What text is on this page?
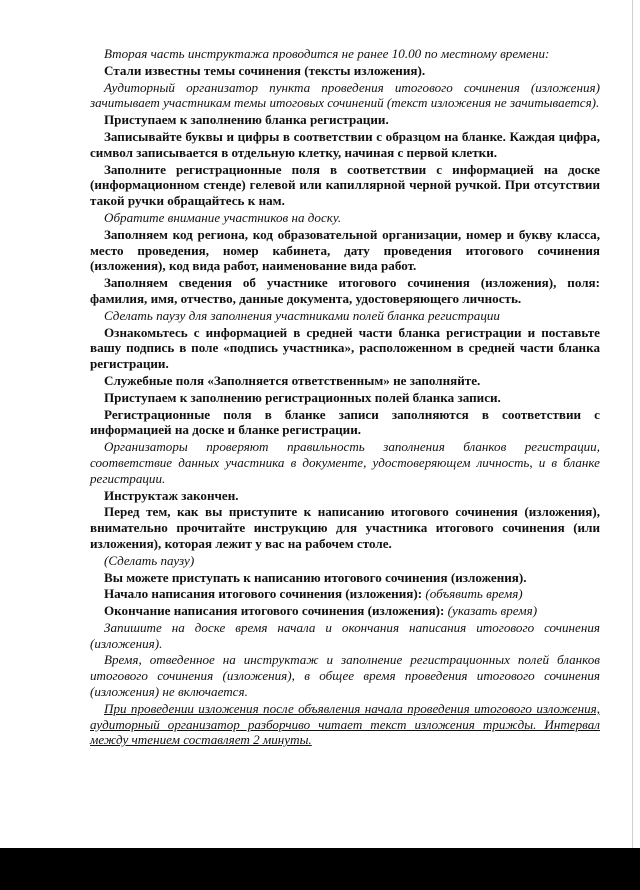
Вторая часть инструктажа проводится не ранее 10.00 по местному времени:

Стали известны темы сочинения (тексты изложения).

Аудиторный организатор пункта проведения итогового сочинения (изложения) зачитывает участникам темы итоговых сочинений (текст изложения не зачитывается).

Приступаем к заполнению бланка регистрации.

Записывайте буквы и цифры в соответствии с образцом на бланке. Каждая цифра, символ записывается в отдельную клетку, начиная с первой клетки.

Заполните регистрационные поля в соответствии с информацией на доске (информационном стенде) гелевой или капиллярной черной ручкой. При отсутствии такой ручки обращайтесь к нам.

Обратите внимание участников на доску.

Заполняем код региона, код образовательной организации, номер и букву класса, место проведения, номер кабинета, дату проведения итогового сочинения (изложения), код вида работ, наименование вида работ.

Заполняем сведения об участнике итогового сочинения (изложения), поля: фамилия, имя, отчество, данные документа, удостоверяющего личность.

Сделать паузу для заполнения участниками полей бланка регистрации

Ознакомьтесь с информацией в средней части бланка регистрации и поставьте вашу подпись в поле «подпись участника», расположенном в средней части бланка регистрации.

Служебные поля «Заполняется ответственным» не заполняйте.

Приступаем к заполнению регистрационных полей бланка записи.

Регистрационные поля в бланке записи заполняются в соответствии с информацией на доске и бланке регистрации.

Организаторы проверяют правильность заполнения бланков регистрации, соответствие данных участника в документе, удостоверяющем личность, и в бланке регистрации.

Инструктаж закончен.

Перед тем, как вы приступите к написанию итогового сочинения (изложения), внимательно прочитайте инструкцию для участника итогового сочинения (или изложения), которая лежит у вас на рабочем столе.

(Сделать паузу)

Вы можете приступать к написанию итогового сочинения (изложения).

Начало написания итогового сочинения (изложения): (объявить время)
Окончание написания итогового сочинения (изложения): (указать время)

Запишите на доске время начала и окончания написания итогового сочинения (изложения).

Время, отведенное на инструктаж и заполнение регистрационных полей бланков итогового сочинения (изложения), в общее время проведения итогового сочинения (изложения) не включается.

При проведении изложения после объявления начала проведения итогового изложения, аудиторный организатор разборчиво читает текст изложения трижды. Интервал между чтением составляет 2 минуты.
